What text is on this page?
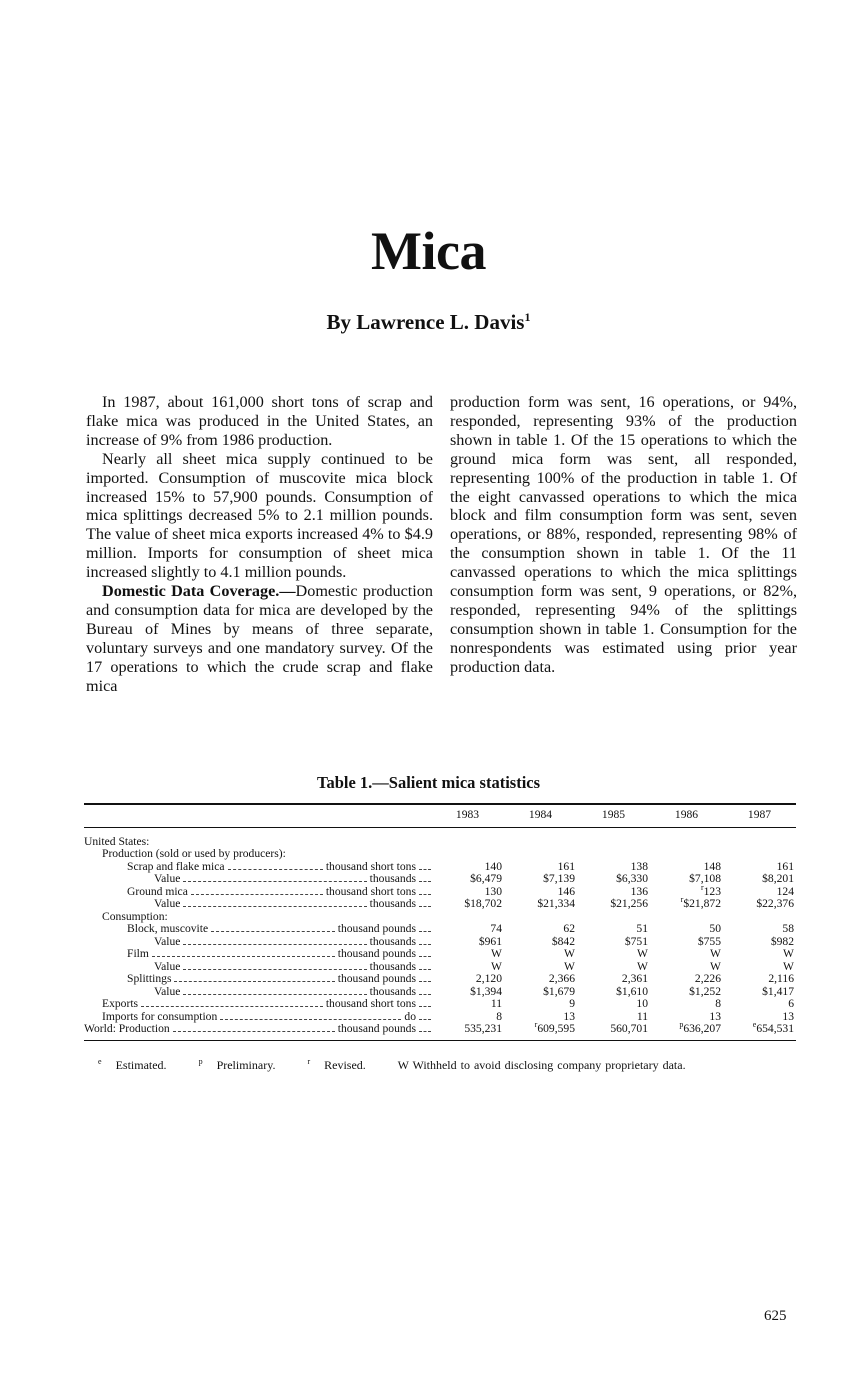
Mica
By Lawrence L. Davis$^1$

In 1987, about 161,000 short tons of scrap and flake mica was produced in the United States, an increase of 9% from 1986 production.

Nearly all sheet mica supply continued to be imported. Consumption of muscovite mica block increased 15% to 57,900 pounds. Consumption of mica splittings decreased 5% to 2.1 million pounds. The value of sheet mica exports increased 4% to $4.9 million. Imports for consumption of sheet mica increased slightly to 4.1 million pounds.

Domestic Data Coverage.—Domestic production and consumption data for mica are developed by the Bureau of Mines by means of three separate, voluntary surveys and one mandatory survey. Of the 17 operations to which the crude scrap and flake mica

production form was sent, 16 operations, or 94%, responded, representing 93% of the production shown in table 1. Of the 15 operations to which the ground mica form was sent, all responded, representing 100% of the production in table 1. Of the eight canvassed operations to which the mica block and film consumption form was sent, seven operations, or 88%, responded, representing 98% of the consumption shown in table 1. Of the 11 canvassed operations to which the mica splittings consumption form was sent, 9 operations, or 82%, responded, representing 94% of the splittings consumption shown in table 1. Consumption for the nonrespondents was estimated using prior year production data.

Table 1.—Salient mica statistics
	1983	1984	1985	1986	1987
United States:					
Production (sold or used by producers):					

Scrap and flake mica thousand short tons	140	161	138	148	161

Value thousands	$6,479	$7,139	$6,330	$7,108	$8,201

Ground mica thousand short tons	130	146	136	$^r$123	124

Value thousands	$18,702	$21,334	$21,256	$^r$\$21,872	$22,376
Consumption:					

Block, muscovite thousand pounds	74	62	51	50	58

Value thousands	$961	$842	$751	$755	$982

Film thousand pounds	W	W	W	W	W

Value thousands	W	W	W	W	W

Splittings thousand pounds	2,120	2,366	2,361	2,226	2,116

Value thousands	$1,394	$1,679	$1,610	$1,252	$1,417

Exports thousand short tons	11	9	10	8	6

Imports for consumption do	8	13	11	13	13

World: Production thousand pounds	535,231	$^r$609,595	560,701	$^p$636,207	$^e$654,531
$^e$ Estimated.	$^p$ Preliminary.	$^r$ Revised.	W Withheld to avoid disclosing company proprietary data.
625
